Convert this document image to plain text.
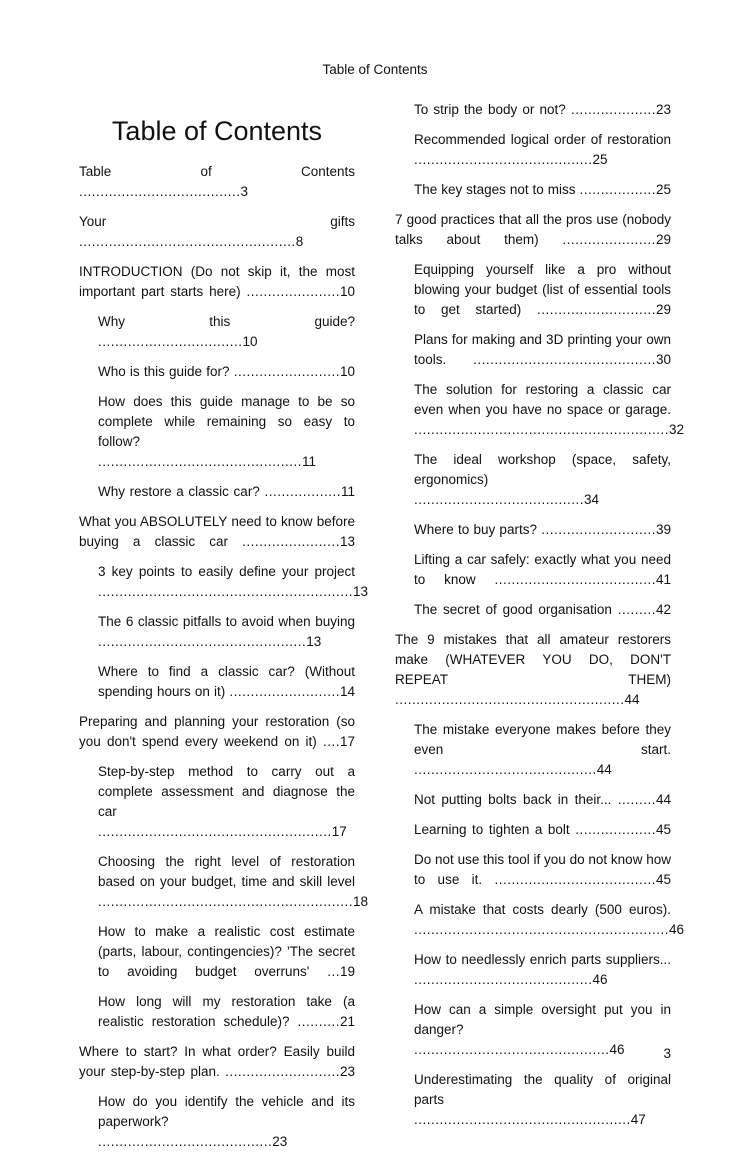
Table of Contents
Table of Contents
Table of Contents ......................................3
Your gifts ...................................................8
INTRODUCTION (Do not skip it, the most important part starts here) ......................10
Why this guide? ..................................10
Who is this guide for? .........................10
How does this guide manage to be so complete while remaining so easy to follow? ................................................11
Why restore a classic car? ..................11
What you ABSOLUTELY need to know before buying a classic car .......................13
3 key points to easily define your project ............................................................13
The 6 classic pitfalls to avoid when buying .................................................13
Where to find a classic car? (Without spending hours on it) ..........................14
Preparing and planning your restoration (so you don't spend every weekend on it) ....17
Step-by-step method to carry out a complete assessment and diagnose the car .......................................................17
Choosing the right level of restoration based on your budget, time and skill level ............................................................18
How to make a realistic cost estimate (parts, labour, contingencies)? 'The secret to avoiding budget overruns' ...19
How long will my restoration take (a realistic restoration schedule)? ..........21
Where to start? In what order? Easily build your step-by-step plan. ...........................23
How do you identify the vehicle and its paperwork? .........................................23
To strip the body or not? ....................23
Recommended logical order of restoration ..........................................25
The key stages not to miss ..................25
7 good practices that all the pros use (nobody talks about them) ......................29
Equipping yourself like a pro without blowing your budget (list of essential tools to get started) ............................29
Plans for making and 3D printing your own tools. ...........................................30
The solution for restoring a classic car even when you have no space or garage. ............................................................32
The ideal workshop (space, safety, ergonomics) ........................................34
Where to buy parts? ...........................39
Lifting a car safely: exactly what you need to know ......................................41
The secret of good organisation .........42
The 9 mistakes that all amateur restorers make (WHATEVER YOU DO, DON'T REPEAT THEM) ......................................................44
The mistake everyone makes before they even start. ...........................................44
Not putting bolts back in their... .........44
Learning to tighten a bolt ...................45
Do not use this tool if you do not know how to use it. ......................................45
A mistake that costs dearly (500 euros). ............................................................46
How to needlessly enrich parts suppliers... ..........................................46
How can a simple oversight put you in danger? ..............................................46
Underestimating the quality of original parts ...................................................47
3
